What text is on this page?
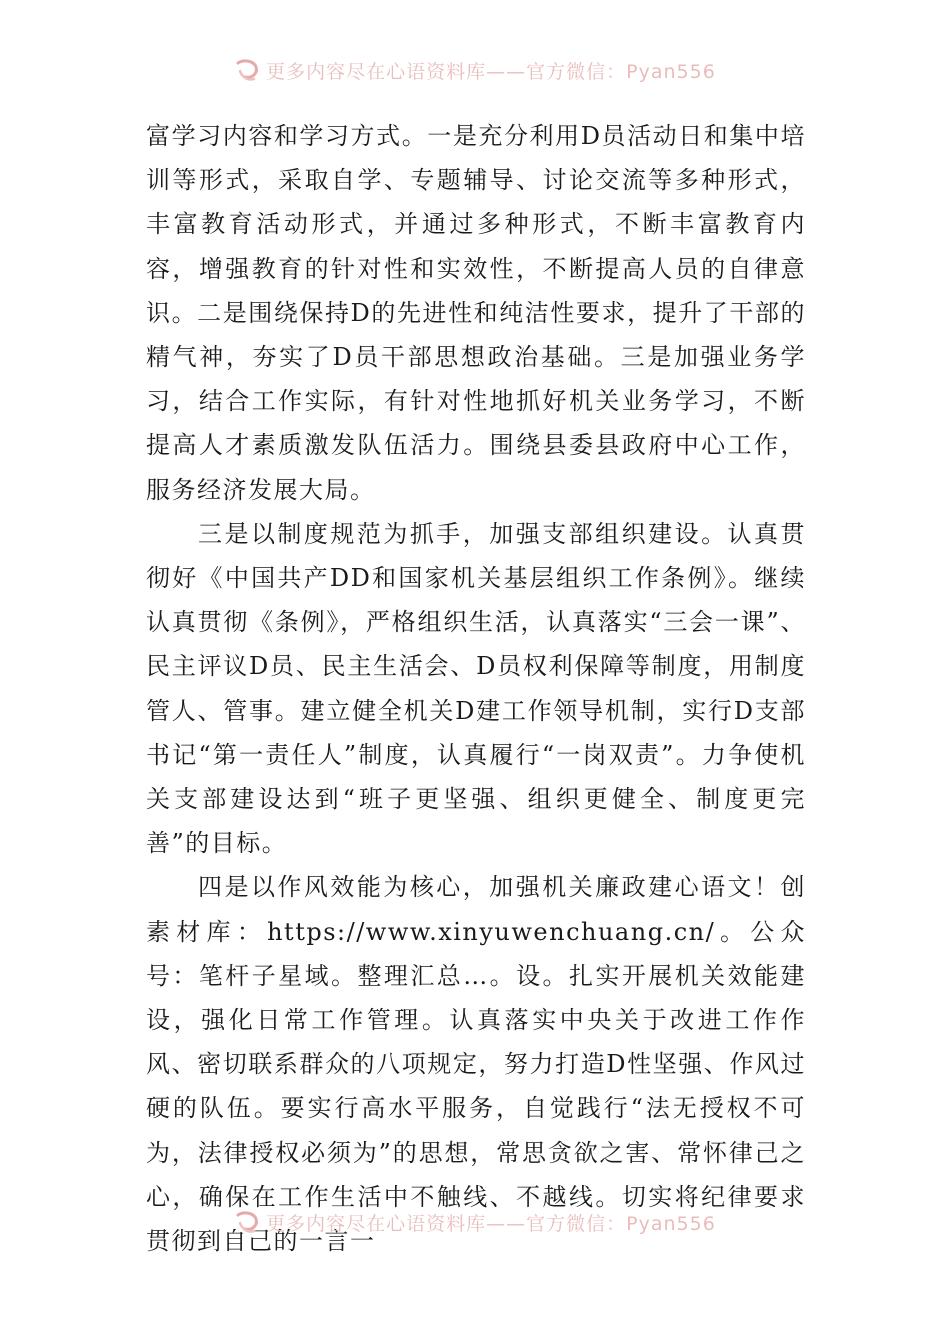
更多内容尽在心语资料库——官方微信：Pyan556

富学习内容和学习方式。一是充分利用D员活动日和集中培训等形式，采取自学、专题辅导、讨论交流等多种形式，丰富教育活动形式，并通过多种形式，不断丰富教育内容，增强教育的针对性和实效性，不断提高人员的自律意识。二是围绕保持D的先进性和纯洁性要求，提升了干部的精气神，夯实了D员干部思想政治基础。三是加强业务学习，结合工作实际，有针对性地抓好机关业务学习，不断提高人才素质激发队伍活力。围绕县委县政府中心工作，服务经济发展大局。

三是以制度规范为抓手，加强支部组织建设。认真贯彻好《中国共产DD和国家机关基层组织工作条例》。继续认真贯彻《条例》，严格组织生活，认真落实“三会一课”、民主评议D员、民主生活会、D员权利保障等制度，用制度管人、管事。建立健全机关D建工作领导机制，实行D支部书记“第一责任人”制度，认真履行“一岗双责”。力争使机关支部建设达到“班子更坚强、组织更健全、制度更完善”的目标。

四是以作风效能为核心，加强机关廉政建心语文！创素材库：https://www.xinyuwenchuang.cn/。公众号：笔杆子星域。整理汇总…。设。扎实开展机关效能建设，强化日常工作管理。认真落实中央关于改进工作作风、密切联系群众的八项规定，努力打造D性坚强、作风过硬的队伍。要实行高水平服务，自觉践行“法无授权不可为，法律授权必须为”的思想，常思贪欲之害、常怀律己之心，确保在工作生活中不触线、不越线。切实将纪律要求贯彻到自己的一言一

更多内容尽在心语资料库——官方微信：Pyan556
